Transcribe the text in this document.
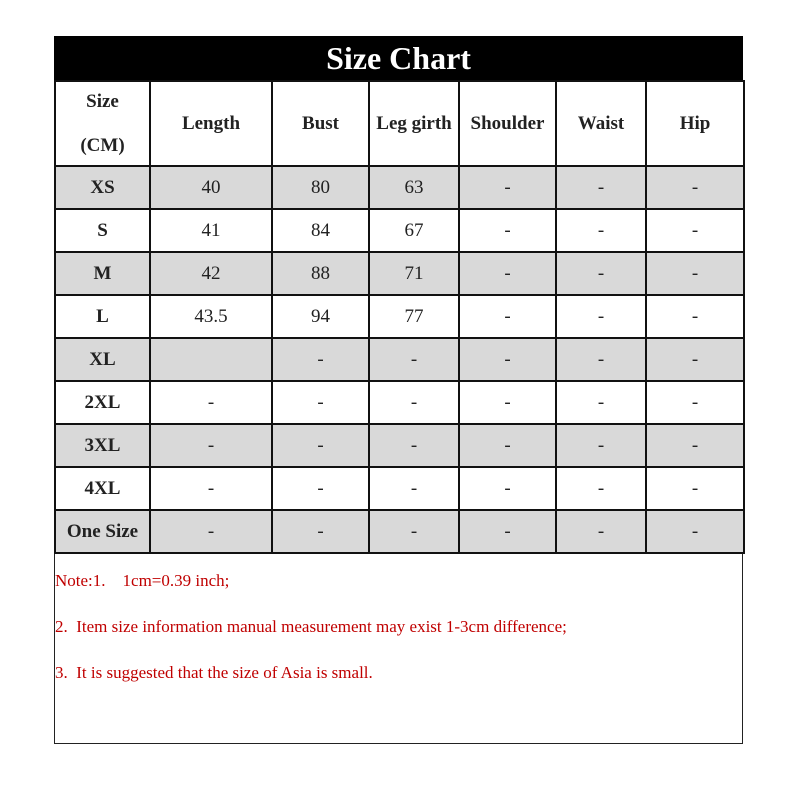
Size Chart
Size

(CM)	Length	Bust	Leg girth	Shoulder	Waist	Hip
XS	40	80	63	-	-	-
S	41	84	67	-	-	-
M	42	88	71	-	-	-
L	43.5	94	77	-	-	-
XL		-	-	-	-	-
2XL	-	-	-	-	-	-
3XL	-	-	-	-	-	-
4XL	-	-	-	-	-	-
One Size	-	-	-	-	-	-
Note:1.    1cm=0.39 inch;
2.  Item size information manual measurement may exist 1-3cm difference;
3.  It is suggested that the size of Asia is small.
